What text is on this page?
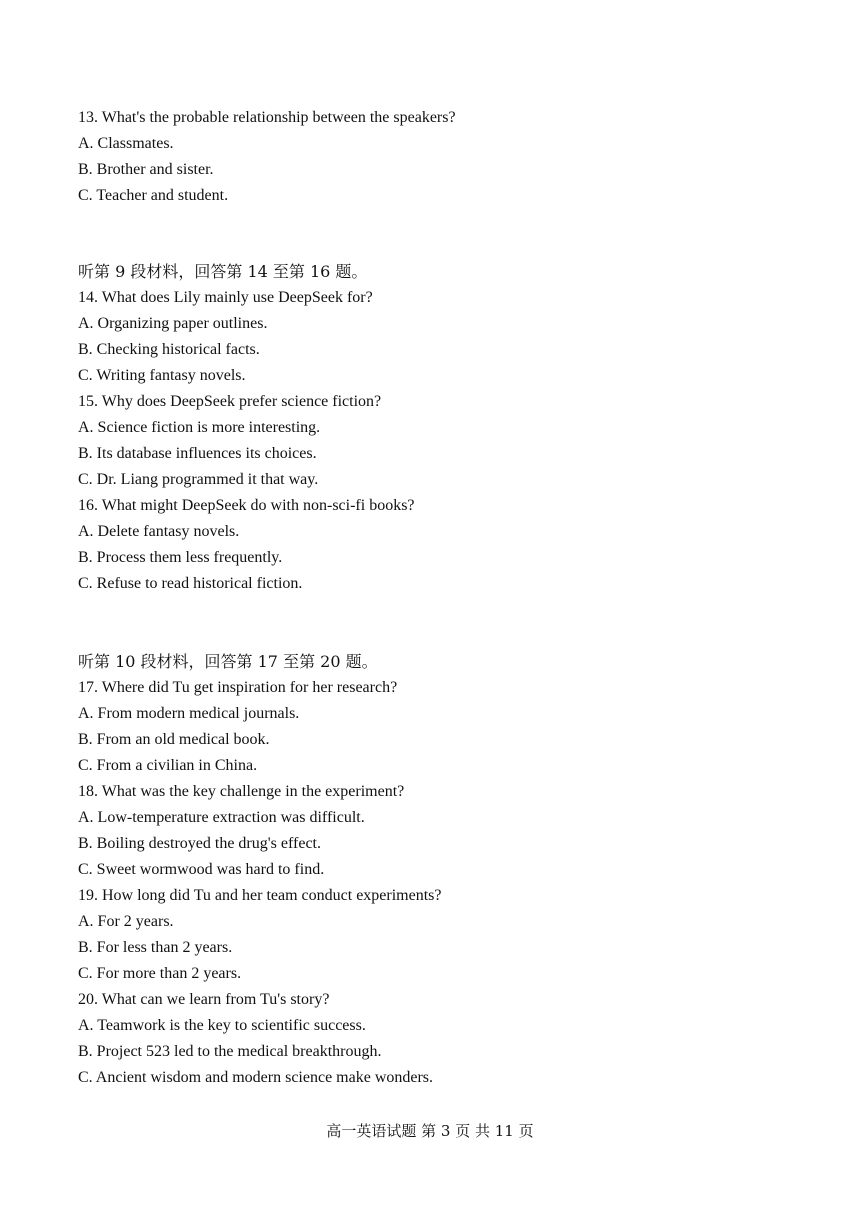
13. What's the probable relationship between the speakers?
A. Classmates.
B. Brother and sister.
C. Teacher and student.
听第 9 段材料，回答第 14 至第 16 题。
14. What does Lily mainly use DeepSeek for?
A. Organizing paper outlines.
B. Checking historical facts.
C. Writing fantasy novels.
15. Why does DeepSeek prefer science fiction?
A. Science fiction is more interesting.
B. Its database influences its choices.
C. Dr. Liang programmed it that way.
16. What might DeepSeek do with non-sci-fi books?
A. Delete fantasy novels.
B. Process them less frequently.
C. Refuse to read historical fiction.
听第 10 段材料，回答第 17 至第 20 题。
17. Where did Tu get inspiration for her research?
A. From modern medical journals.
B. From an old medical book.
C. From a civilian in China.
18. What was the key challenge in the experiment?
A. Low-temperature extraction was difficult.
B. Boiling destroyed the drug's effect.
C. Sweet wormwood was hard to find.
19. How long did Tu and her team conduct experiments?
A. For 2 years.
B. For less than 2 years.
C. For more than 2 years.
20. What can we learn from Tu's story?
A. Teamwork is the key to scientific success.
B. Project 523 led to the medical breakthrough.
C. Ancient wisdom and modern science make wonders.
高一英语试题 第 3 页 共 11 页
